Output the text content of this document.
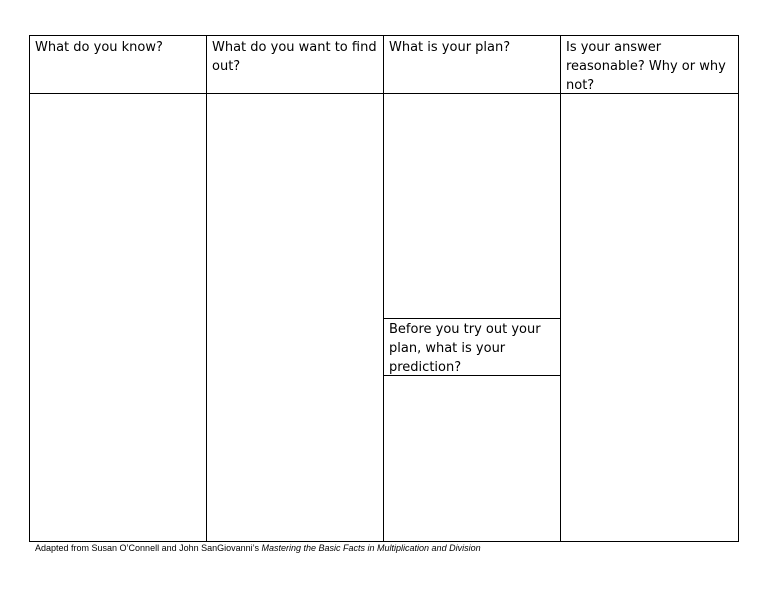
What do you know?	What do you want to find out?
What is your plan?	Is your answer reasonable? Why or why not?
Before you try out your plan, what is your prediction?
Adapted from Susan O’Connell and John SanGiovanni’s Mastering the Basic Facts in Multiplication and Division
